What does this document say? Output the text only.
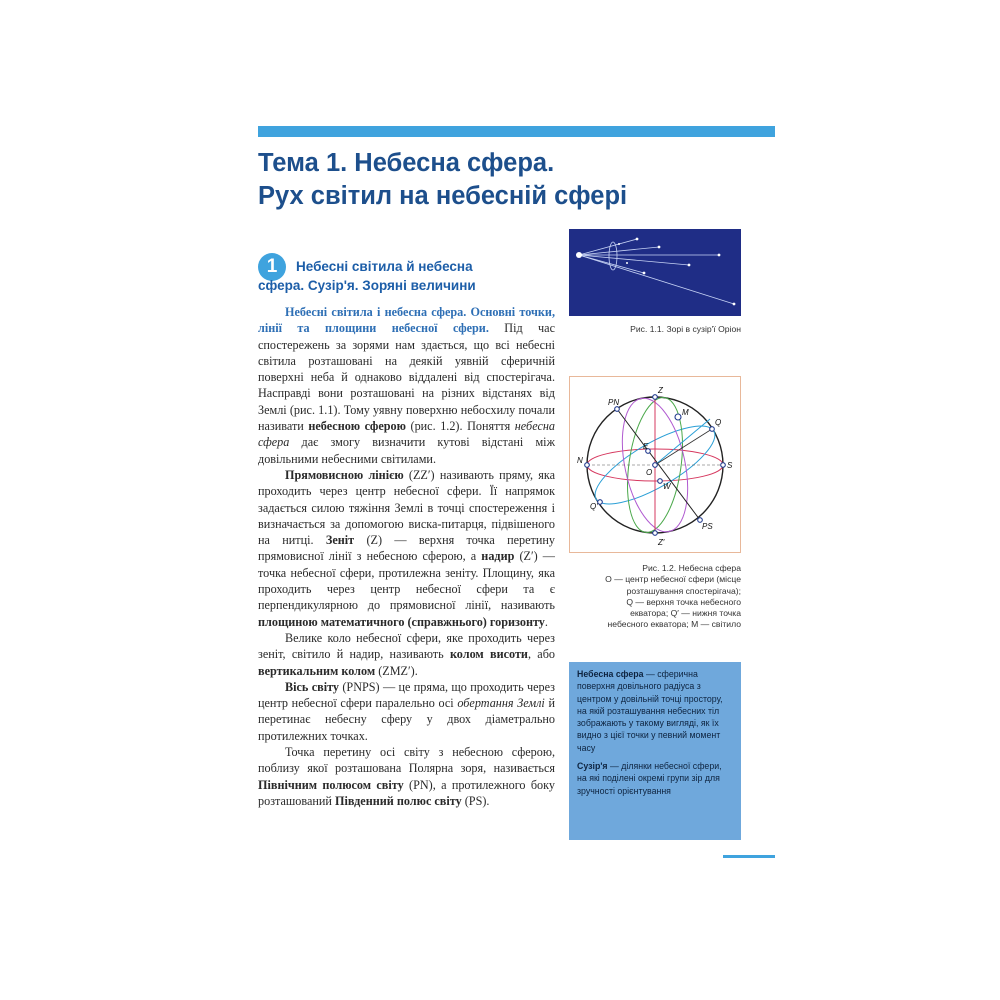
Тема 1. Небесна сфера.
Рух світил на небесній сфері
1	Небесні світила й небесна

сфера. Сузір'я. Зоряні величини

Небесні світила і небесна сфера. Основні точки, лінії та площини небесної сфери. Під час спостережень за зорями нам здається, що всі небесні світила розташовані на деякій уявній сферичній поверхні неба й однаково віддалені від спостерігача. Насправді вони розташовані на різних відстанях від Землі (рис. 1.1). Тому уявну поверхню небосхилу почали називати небесною сферою (рис. 1.2). Поняття небесна сфера дає змогу визначити кутові відстані між довільними небесними світилами.

Прямовисною лінією (ZZ′) називають пряму, яка проходить через центр небесної сфери. Її напрямок задається силою тяжіння Землі в точці спостереження і визначається за допомогою виска-питарця, підвішеного на нитці. Зеніт (Z) — верхня точка перетину прямовисної лінії з небесною сферою, а надир (Z′) — точка небесної сфери, протилежна зеніту. Площину, яка проходить через центр небесної сфери та є перпендикулярною до прямовисної лінії, називають площиною математичного (справжнього) горизонту.

Велике коло небесної сфери, яке проходить через зеніт, світило й надир, називають колом висоти, або вертикальним колом (ZMZ′).

Вісь світу (PNPS) — це пряма, що проходить через центр небесної сфери паралельно осі обертання Землі й перетинає небесну сферу у двох діаметрально протилежних точках.

Точка перетину осі світу з небесною сферою, поблизу якої розташована Полярна зоря, називається Північним полюсом світу (PN), а протилежного боку розташований Південний полюс світу (PS).

Рис. 1.1. Зорі в сузір'ї Оріон

Z
Z′
PN
PS
M
Q
Q′
N
S
E
W
O
Рис. 1.2. Небесна сфера
O — центр небесної сфери (місце
розташування спостерігача);
Q — верхня точка небесного
екватора; Q′ — нижня точка
небесного екватора; M — світило

Небесна сфера — сферична поверхня довільного радіуса з центром у довільній точці простору, на якій розташування небесних тіл зображають у такому вигляді, як їх видно з цієї точки у певний момент часу

Сузір'я — ділянки небесної сфери, на які поділені окремі групи зір для зручності орієнтування
